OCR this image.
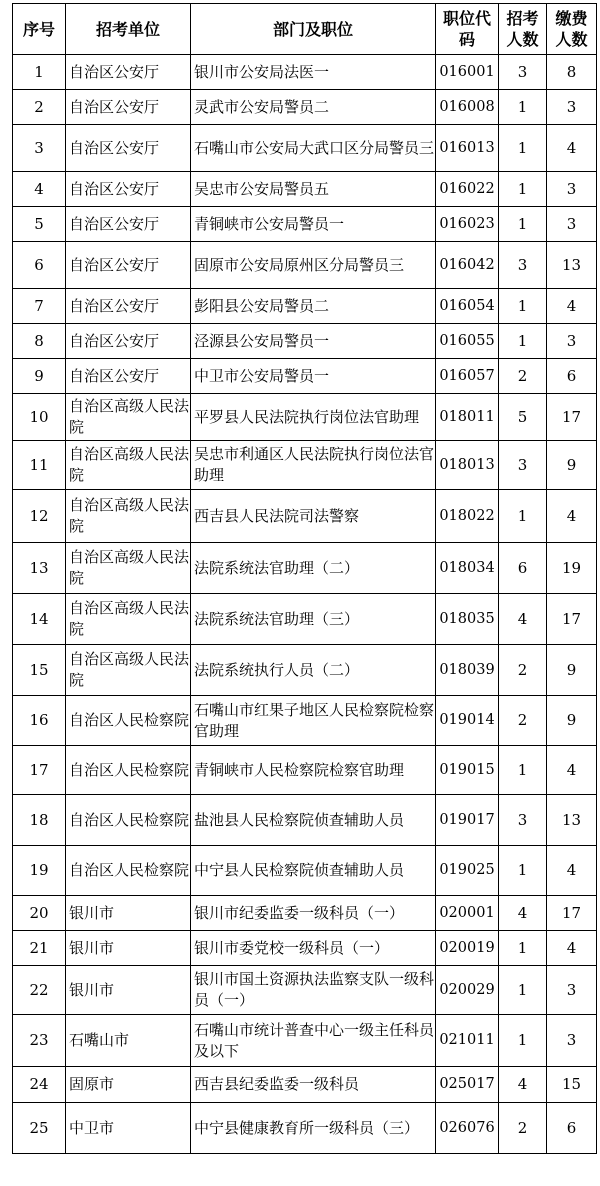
序号	招考单位	部门及职位	职位代码	招考人数	缴费人数
1	自治区公安厅	银川市公安局法医一	016001	3	8
2	自治区公安厅	灵武市公安局警员二	016008	1	3
3	自治区公安厅	石嘴山市公安局大武口区分局警员三	016013	1	4
4	自治区公安厅	吴忠市公安局警员五	016022	1	3
5	自治区公安厅	青铜峡市公安局警员一	016023	1	3
6	自治区公安厅	固原市公安局原州区分局警员三	016042	3	13
7	自治区公安厅	彭阳县公安局警员二	016054	1	4
8	自治区公安厅	泾源县公安局警员一	016055	1	3
9	自治区公安厅	中卫市公安局警员一	016057	2	6
10	自治区高级人民法院	平罗县人民法院执行岗位法官助理	018011	5	17
11	自治区高级人民法院	吴忠市利通区人民法院执行岗位法官助理	018013	3	9
12	自治区高级人民法院	西吉县人民法院司法警察	018022	1	4
13	自治区高级人民法院	法院系统法官助理（二）	018034	6	19
14	自治区高级人民法院	法院系统法官助理（三）	018035	4	17
15	自治区高级人民法院	法院系统执行人员（二）	018039	2	9
16	自治区人民检察院	石嘴山市红果子地区人民检察院检察官助理	019014	2	9
17	自治区人民检察院	青铜峡市人民检察院检察官助理	019015	1	4
18	自治区人民检察院	盐池县人民检察院侦查辅助人员	019017	3	13
19	自治区人民检察院	中宁县人民检察院侦查辅助人员	019025	1	4
20	银川市	银川市纪委监委一级科员（一）	020001	4	17
21	银川市	银川市委党校一级科员（一）	020019	1	4
22	银川市	银川市国土资源执法监察支队一级科员（一）	020029	1	3
23	石嘴山市	石嘴山市统计普查中心一级主任科员及以下	021011	1	3
24	固原市	西吉县纪委监委一级科员	025017	4	15
25	中卫市	中宁县健康教育所一级科员（三）	026076	2	6
